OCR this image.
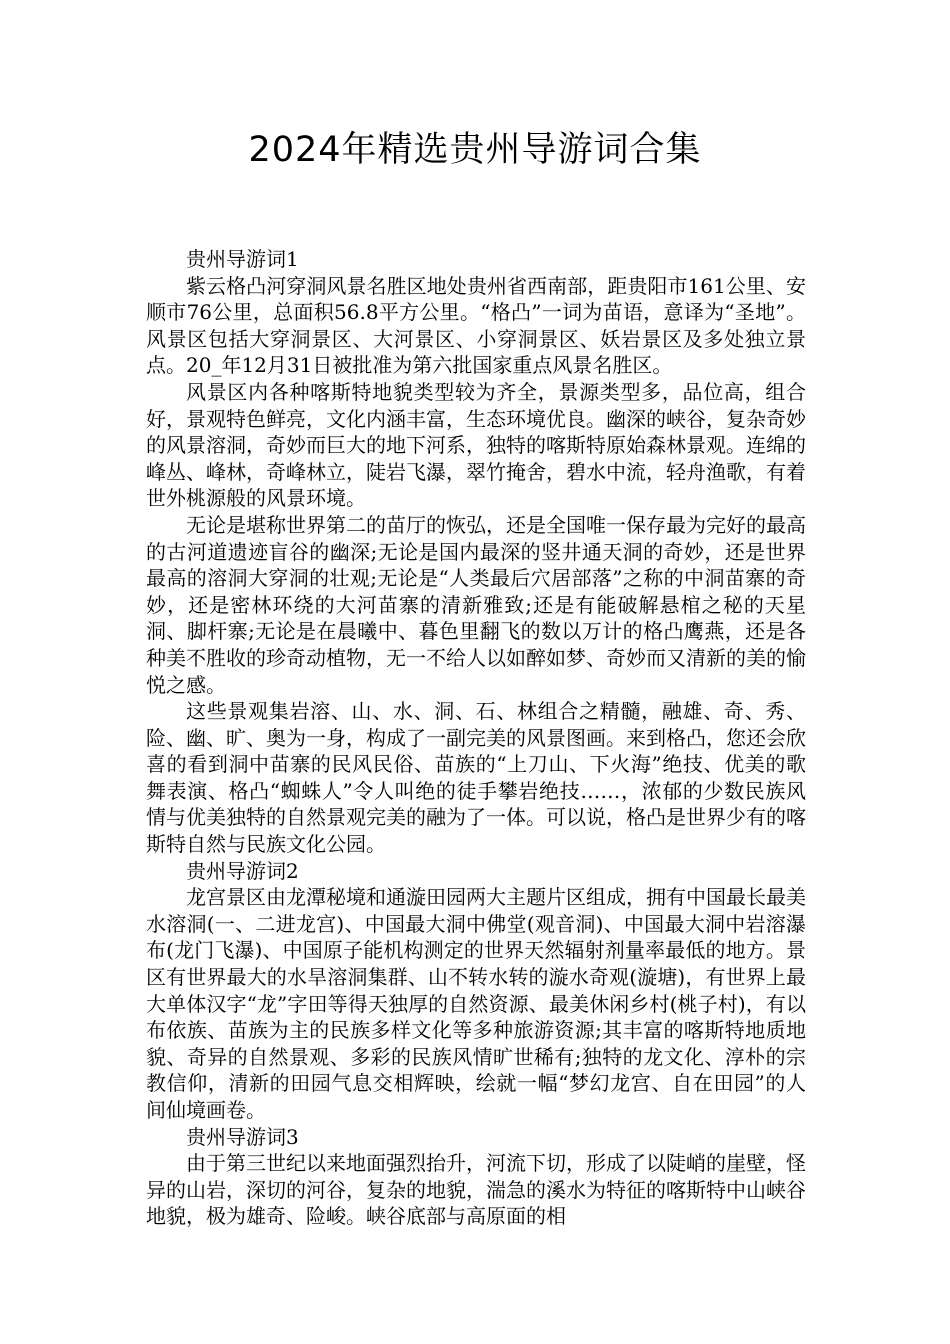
2024年精选贵州导游词合集

贵州导游词1

紫云格凸河穿洞风景名胜区地处贵州省西南部，距贵阳市161公里、安顺市76公里，总面积56.8平方公里。“格凸”一词为苗语，意译为“圣地”。风景区包括大穿洞景区、大河景区、小穿洞景区、妖岩景区及多处独立景点。20_年12月31日被批准为第六批国家重点风景名胜区。

风景区内各种喀斯特地貌类型较为齐全，景源类型多，品位高，组合好，景观特色鲜亮，文化内涵丰富，生态环境优良。幽深的峡谷，复杂奇妙的风景溶洞，奇妙而巨大的地下河系，独特的喀斯特原始森林景观。连绵的峰丛、峰林，奇峰林立，陡岩飞瀑，翠竹掩舍，碧水中流，轻舟渔歌，有着世外桃源般的风景环境。

无论是堪称世界第二的苗厅的恢弘，还是全国唯一保存最为完好的最高的古河道遗迹盲谷的幽深;无论是国内最深的竖井通天洞的奇妙，还是世界最高的溶洞大穿洞的壮观;无论是“人类最后穴居部落”之称的中洞苗寨的奇妙，还是密林环绕的大河苗寨的清新雅致;还是有能破解悬棺之秘的天星洞、脚杆寨;无论是在晨曦中、暮色里翻飞的数以万计的格凸鹰燕，还是各种美不胜收的珍奇动植物，无一不给人以如醉如梦、奇妙而又清新的美的愉悦之感。

这些景观集岩溶、山、水、洞、石、林组合之精髓，融雄、奇、秀、险、幽、旷、奥为一身，构成了一副完美的风景图画。来到格凸，您还会欣喜的看到洞中苗寨的民风民俗、苗族的“上刀山、下火海”绝技、优美的歌舞表演、格凸“蜘蛛人”令人叫绝的徒手攀岩绝技……，浓郁的少数民族风情与优美独特的自然景观完美的融为了一体。可以说，格凸是世界少有的喀斯特自然与民族文化公园。

贵州导游词2

龙宫景区由龙潭秘境和通漩田园两大主题片区组成，拥有中国最长最美水溶洞(一、二进龙宫)、中国最大洞中佛堂(观音洞)、中国最大洞中岩溶瀑布(龙门飞瀑)、中国原子能机构测定的世界天然辐射剂量率最低的地方。景区有世界最大的水旱溶洞集群、山不转水转的漩水奇观(漩塘)，有世界上最大单体汉字“龙”字田等得天独厚的自然资源、最美休闲乡村(桃子村)，有以布依族、苗族为主的民族多样文化等多种旅游资源;其丰富的喀斯特地质地貌、奇异的自然景观、多彩的民族风情旷世稀有;独特的龙文化、淳朴的宗教信仰，清新的田园气息交相辉映，绘就一幅“梦幻龙宫、自在田园”的人间仙境画卷。

贵州导游词3

由于第三世纪以来地面强烈抬升，河流下切，形成了以陡峭的崖壁，怪异的山岩，深切的河谷，复杂的地貌，湍急的溪水为特征的喀斯特中山峡谷地貌，极为雄奇、险峻。峡谷底部与高原面的相
